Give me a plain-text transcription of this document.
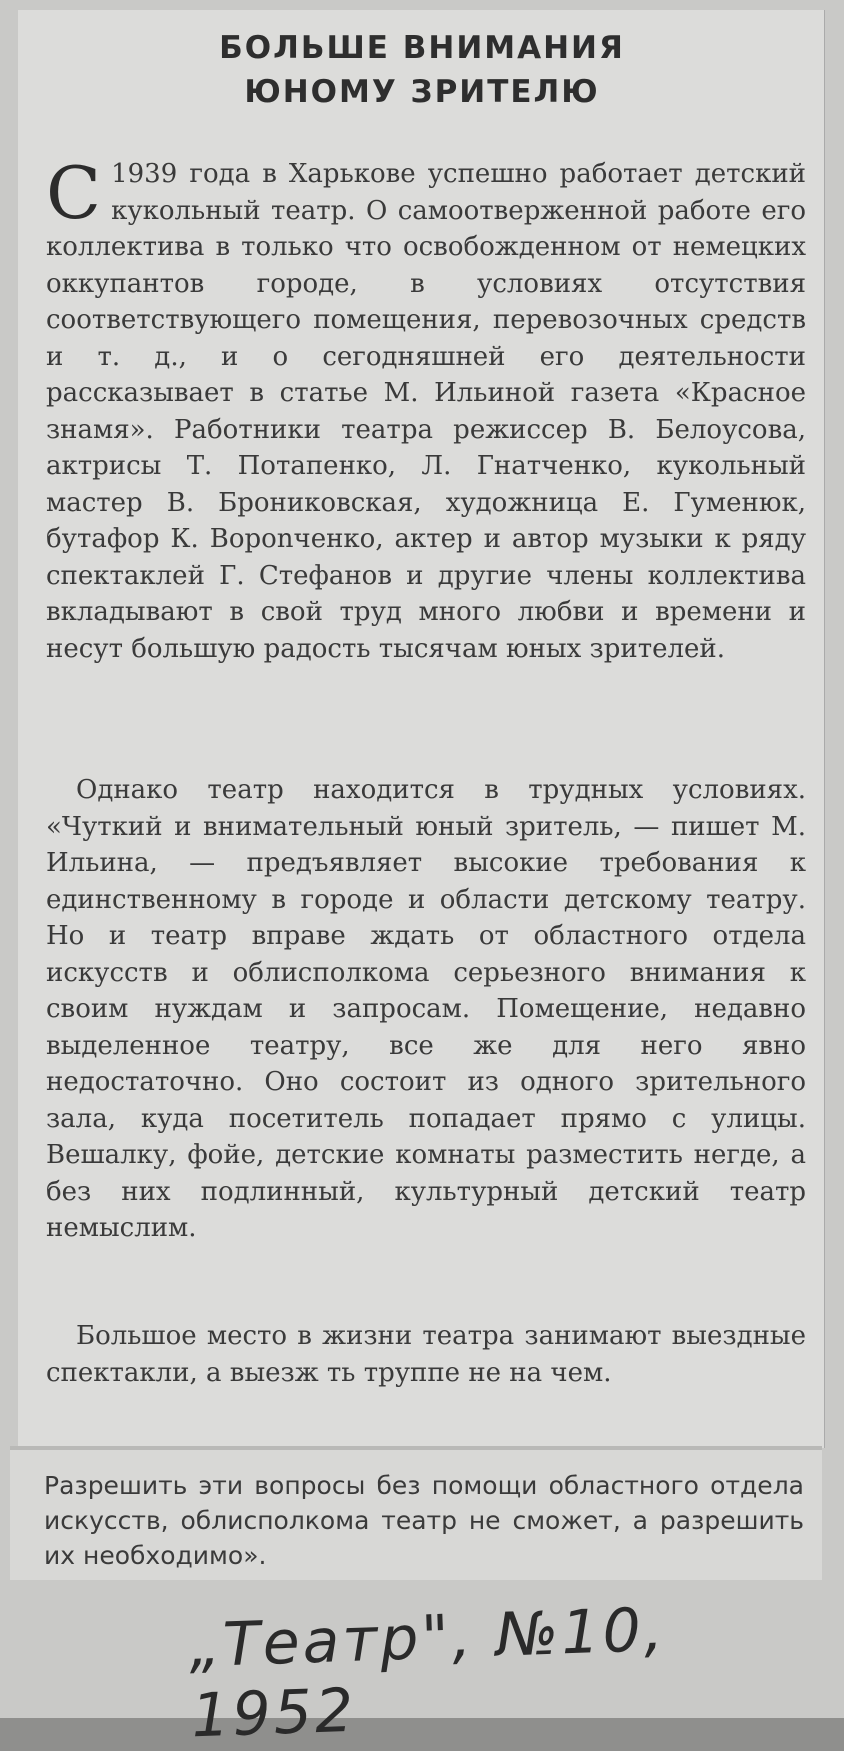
БОЛЬШЕ ВНИМАНИЯ
ЮНОМУ ЗРИТЕЛЮ

С 1939 года в Харькове успешно работает детский кукольный театр. О самоотверженной работе его коллектива в только что освобожденном от немецких оккупантов городе, в условиях отсутствия соответствующего помещения, перевозочных средств и т. д., и о сегодняшней его деятельности рассказывает в статье М. Ильиной газета «Красное знамя». Работники театра режиссер В. Белоусова, актрисы Т. Потапенко, Л. Гнатченко, кукольный мастер В. Брониковская, художница Е. Гуменюк, бутафор К. Ворonченко, актер и автор музыки к ряду спектаклей Г. Стефанов и другие члены коллектива вкладывают в свой труд много любви и времени и несут большую радость тысячам юных зрителей.

Однако театр находится в трудных условиях. «Чуткий и внимательный юный зритель, — пишет М. Ильина, — предъявляет высокие требования к единственному в городе и области детскому театру. Но и театр вправе ждать от областного отдела искусств и облисполкома серьезного внимания к своим нуждам и запросам. Помещение, недавно выделенное театру, все же для него явно недостаточно. Оно состоит из одного зрительного зала, куда посетитель попадает прямо с улицы. Вешалку, фойе, детские комнаты разместить негде, а без них подлинный, культурный детский театр немыслим.

Большое место в жизни театра занимают выездные спектакли, а выезж ть труппе не на чем.

Разрешить эти вопросы без помощи областного отдела искусств, облисполкома театр не сможет, а разрешить их необходимо».

„Театр", №10, 1952
